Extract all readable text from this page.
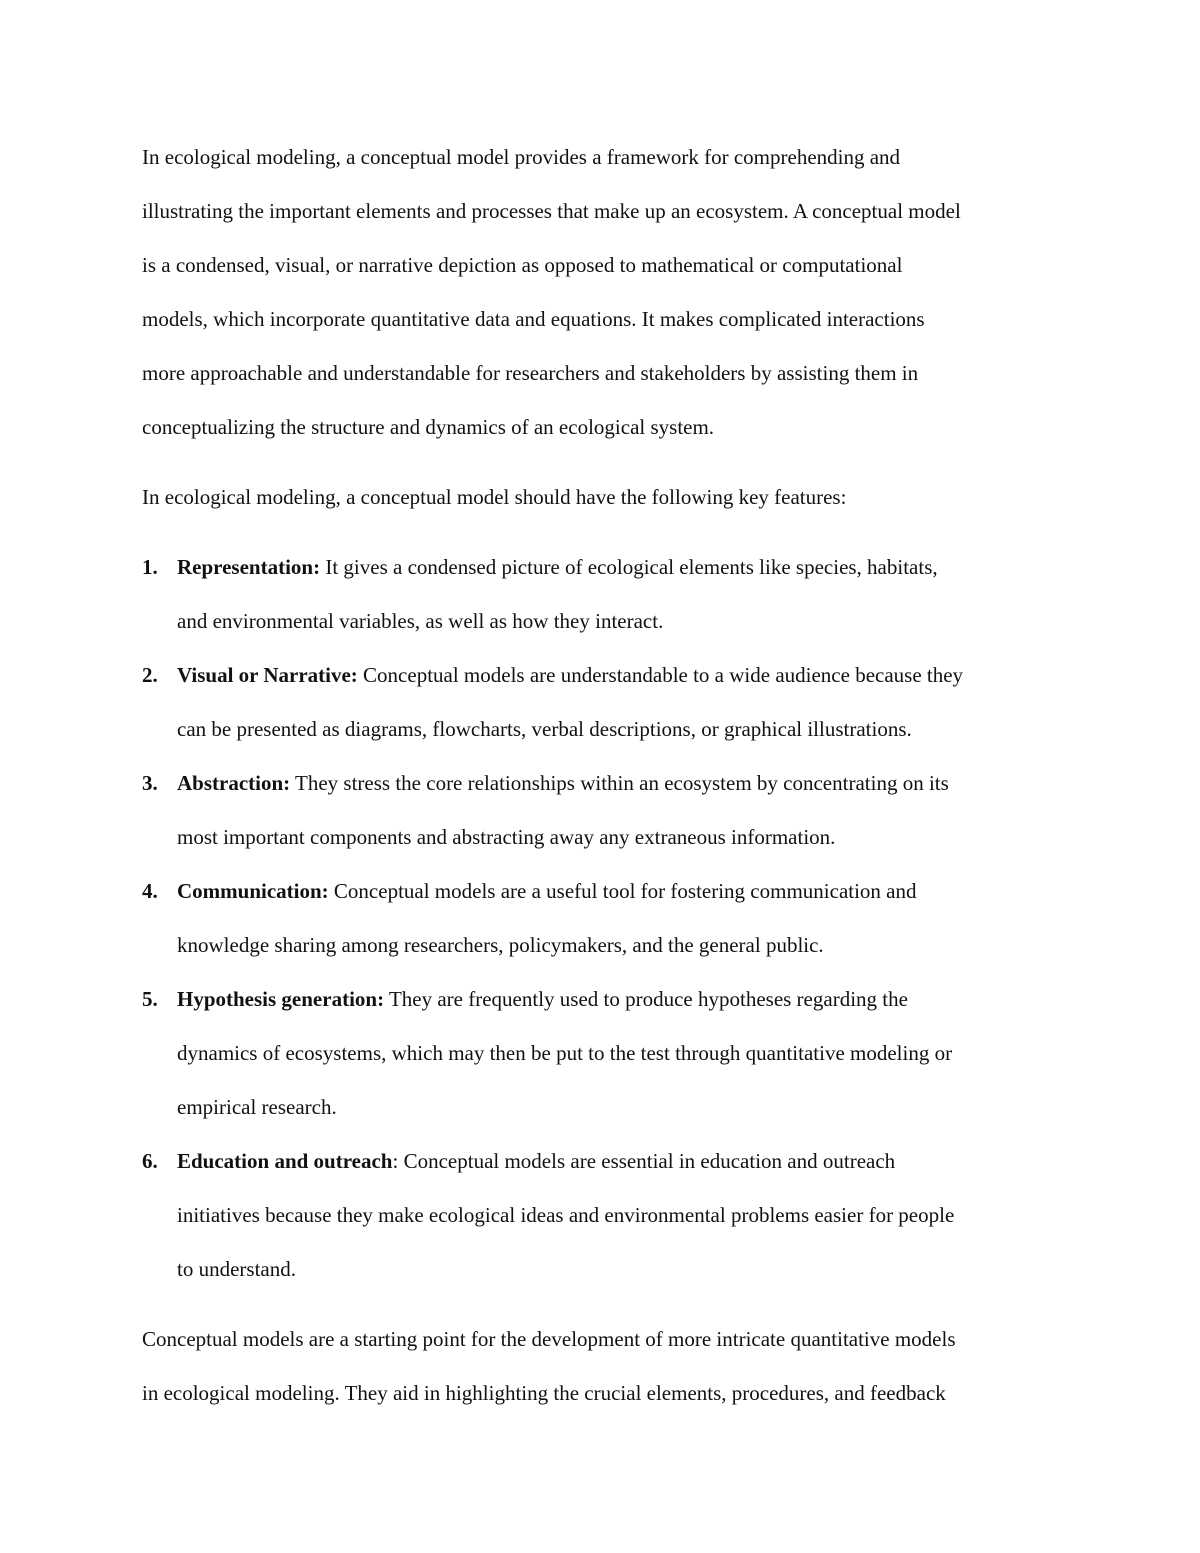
In ecological modeling, a conceptual model provides a framework for comprehending and
illustrating the important elements and processes that make up an ecosystem. A conceptual model
is a condensed, visual, or narrative depiction as opposed to mathematical or computational
models, which incorporate quantitative data and equations. It makes complicated interactions
more approachable and understandable for researchers and stakeholders by assisting them in
conceptualizing the structure and dynamics of an ecological system.

In ecological modeling, a conceptual model should have the following key features:

1. Representation: It gives a condensed picture of ecological elements like species, habitats,
and environmental variables, as well as how they interact.
2. Visual or Narrative: Conceptual models are understandable to a wide audience because they
can be presented as diagrams, flowcharts, verbal descriptions, or graphical illustrations.
3. Abstraction: They stress the core relationships within an ecosystem by concentrating on its
most important components and abstracting away any extraneous information.
4. Communication: Conceptual models are a useful tool for fostering communication and
knowledge sharing among researchers, policymakers, and the general public.
5. Hypothesis generation: They are frequently used to produce hypotheses regarding the
dynamics of ecosystems, which may then be put to the test through quantitative modeling or
empirical research.
6. Education and outreach: Conceptual models are essential in education and outreach
initiatives because they make ecological ideas and environmental problems easier for people
to understand.

Conceptual models are a starting point for the development of more intricate quantitative models
in ecological modeling. They aid in highlighting the crucial elements, procedures, and feedback
